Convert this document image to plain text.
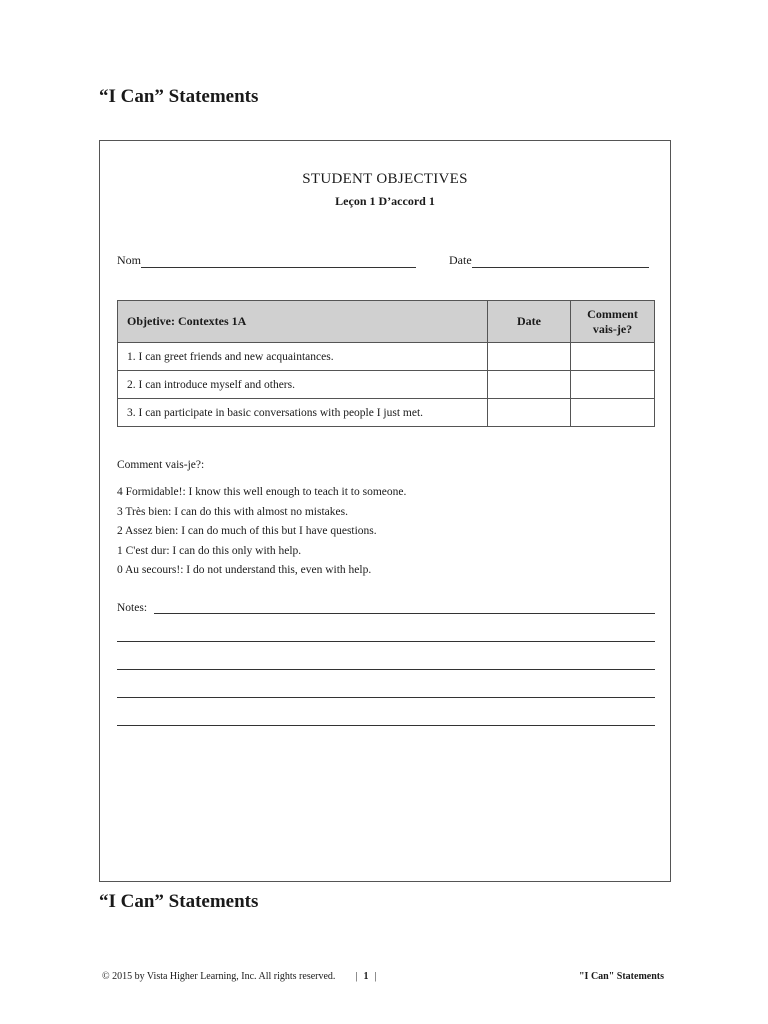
“I Can” Statements
STUDENT OBJECTIVES
Leçon 1 D’accord 1
Nom	Date
Objetive: Contextes 1A	Date	Comment
vais-je?
1. I can greet friends and new acquaintances.		
2. I can introduce myself and others.		
3. I can participate in basic conversations with people I just met.		

Comment vais-je?:

4 Formidable!: I know this well enough to teach it to someone.
3 Très bien: I can do this with almost no mistakes.
2 Assez bien: I can do much of this but I have questions.
1 C'est dur: I can do this only with help.
0 Au secours!: I do not understand this, even with help.
Notes:
“I Can” Statements
© 2015 by Vista Higher Learning, Inc. All rights reserved.	| 1 |	"I Can" Statements
